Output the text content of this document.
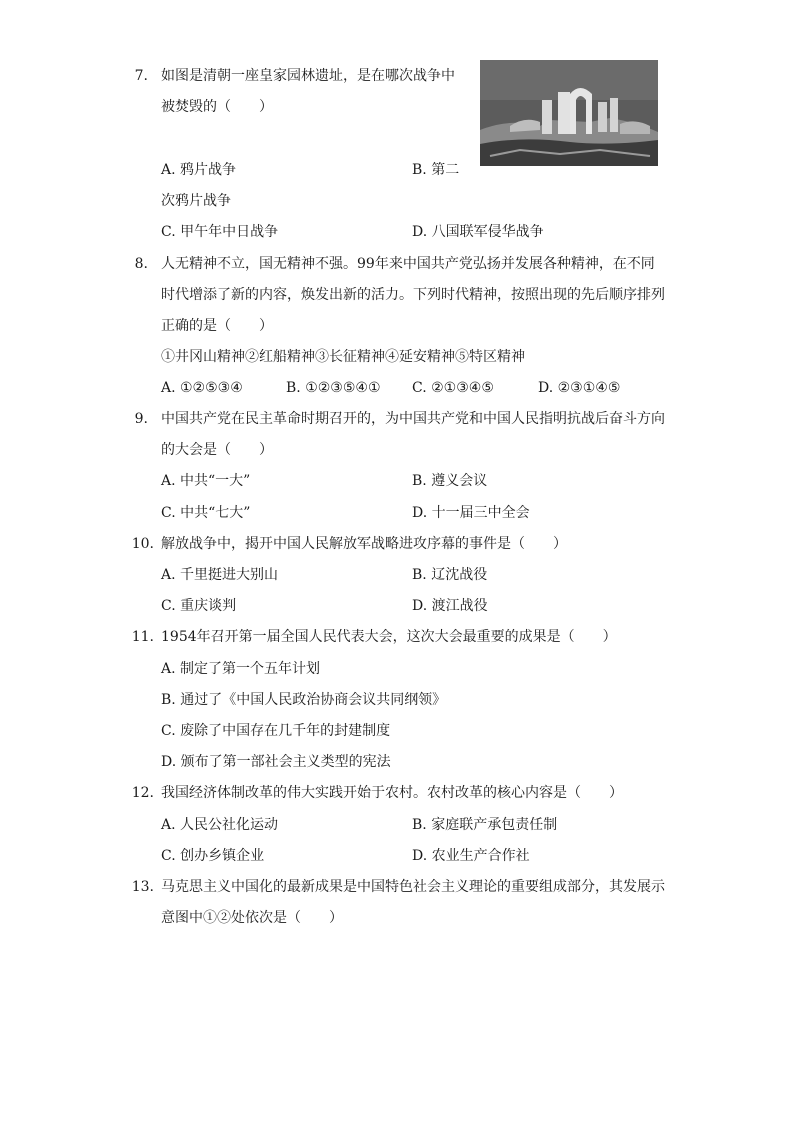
7. 如图是清朝一座皇家园林遗址，是在哪次战争中
被焚毁的（　　）
A. 鸦片战争	B. 第二
次鸦片战争
C. 甲午年中日战争	D. 八国联军侵华战争
8. 人无精神不立，国无精神不强。99年来中国共产党弘扬并发展各种精神，在不同
时代增添了新的内容，焕发出新的活力。下列时代精神，按照出现的先后顺序排列
正确的是（　　）
①井冈山精神②红船精神③长征精神④延安精神⑤特区精神
A. ①②⑤③④	B. ①②③⑤④① C. ②①③④⑤	D. ②③①④⑤
9. 中国共产党在民主革命时期召开的，为中国共产党和中国人民指明抗战后奋斗方向
的大会是（　　）
A. 中共“一大”	B. 遵义会议
C. 中共“七大”	D. 十一届三中全会
10. 解放战争中，揭开中国人民解放军战略进攻序幕的事件是（　　）
A. 千里挺进大别山	B. 辽沈战役
C. 重庆谈判	D. 渡江战役
11. 1954年召开第一届全国人民代表大会，这次大会最重要的成果是（　　）
A. 制定了第一个五年计划
B. 通过了《中国人民政治协商会议共同纲领》
C. 废除了中国存在几千年的封建制度
D. 颁布了第一部社会主义类型的宪法
12. 我国经济体制改革的伟大实践开始于农村。农村改革的核心内容是（　　）
A. 人民公社化运动	B. 家庭联产承包责任制
C. 创办乡镇企业	D. 农业生产合作社
13. 马克思主义中国化的最新成果是中国特色社会主义理论的重要组成部分，其发展示
意图中①②处依次是（　　）
